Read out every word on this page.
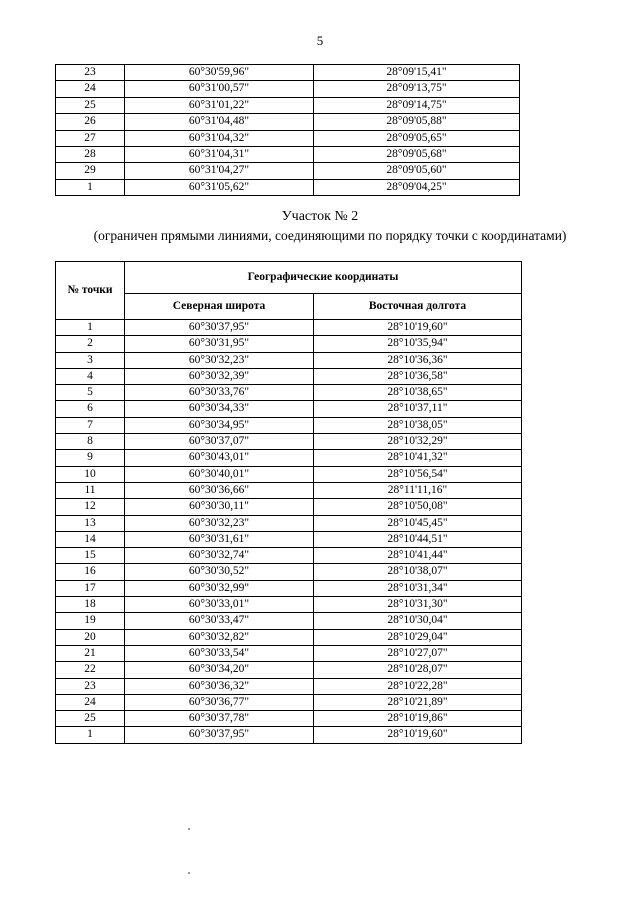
5
23	60°30'59,96"	28°09'15,41"
24	60°31'00,57"	28°09'13,75"
25	60°31'01,22"	28°09'14,75"
26	60°31'04,48"	28°09'05,88"
27	60°31'04,32"	28°09'05,65"
28	60°31'04,31"	28°09'05,68"
29	60°31'04,27"	28°09'05,60"
1	60°31'05,62"	28°09'04,25"
Участок № 2
(ограничен прямыми линиями, соединяющими по порядку точки с координатами)
№ точки	Географические координаты	
	Северная широта	Восточная долгота
1	60°30'37,95"	28°10'19,60"
2	60°30'31,95"	28°10'35,94"
3	60°30'32,23"	28°10'36,36"
4	60°30'32,39"	28°10'36,58"
5	60°30'33,76"	28°10'38,65"
6	60°30'34,33"	28°10'37,11"
7	60°30'34,95"	28°10'38,05"
8	60°30'37,07"	28°10'32,29"
9	60°30'43,01"	28°10'41,32"
10	60°30'40,01"	28°10'56,54"
11	60°30'36,66"	28°11'11,16"
12	60°30'30,11"	28°10'50,08"
13	60°30'32,23"	28°10'45,45"
14	60°30'31,61"	28°10'44,51"
15	60°30'32,74"	28°10'41,44"
16	60°30'30,52"	28°10'38,07"
17	60°30'32,99"	28°10'31,34"
18	60°30'33,01"	28°10'31,30"
19	60°30'33,47"	28°10'30,04"
20	60°30'32,82"	28°10'29,04"
21	60°30'33,54"	28°10'27,07"
22	60°30'34,20"	28°10'28,07"
23	60°30'36,32"	28°10'22,28"
24	60°30'36,77"	28°10'21,89"
25	60°30'37,78"	28°10'19,86"
1	60°30'37,95"	28°10'19,60"
